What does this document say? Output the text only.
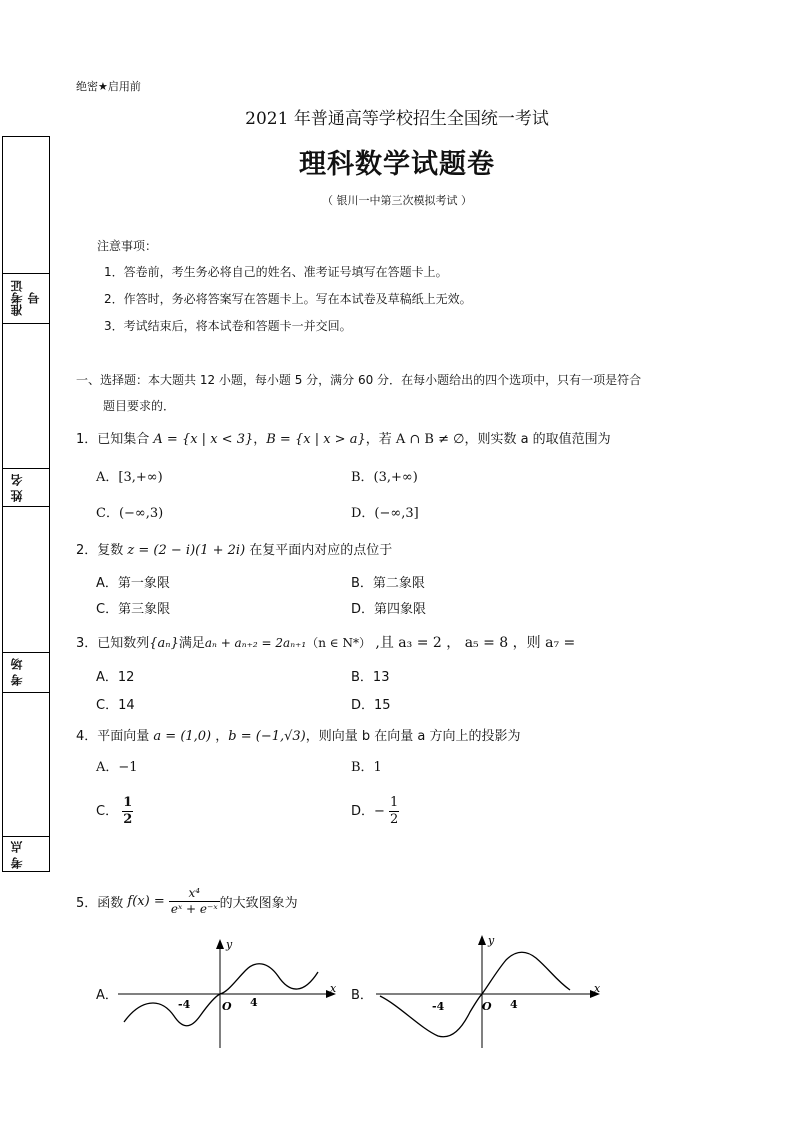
准考证号
姓 名
考 场
考 点
绝密★启用前
2021 年普通高等学校招生全国统一考试
理科数学试题卷
（ 银川一中第三次模拟考试 ）
注意事项：
1．答卷前，考生务必将自己的姓名、准考证号填写在答题卡上。
2．作答时，务必将答案写在答题卡上。写在本试卷及草稿纸上无效。
3．考试结束后，将本试卷和答题卡一并交回。
一、选择题：本大题共 12 小题，每小题 5 分，满分 60 分．在每小题给出的四个选项中，只有一项是符合
题目要求的．
1．已知集合 A = {x | x < 3}，B = {x | x > a}，若 A ∩ B ≠ ∅，则实数 a 的取值范围为
A．[3,+∞)	B．(3,+∞)
C．(−∞,3)	D．(−∞,3]
2．复数 z = (2 − i)(1 + 2i) 在复平面内对应的点位于
A．第一象限	B．第二象限
C．第三象限	D．第四象限
3．已知数列{aₙ}满足aₙ + aₙ₊₂ = 2aₙ₊₁（n ∈ N*） ,且 a₃ = 2 ， a₅ = 8 ，则 a₇ =
A．12	B．13
C．14	D．15
4．平面向量 a = (1,0) ，b = (−1,√3)，则向量 b 在向量 a 方向上的投影为
A．−1	B．1
C． $\frac{1}{2}$	D．− $\frac{1}{2}$
5．函数 $f(x) = \frac{\text{x⁴}}{\text{eˣ + e⁻ˣ}}$ 的大致图象为
A．	B．
x
y
O
-4	4
x
y
O
-4	4
